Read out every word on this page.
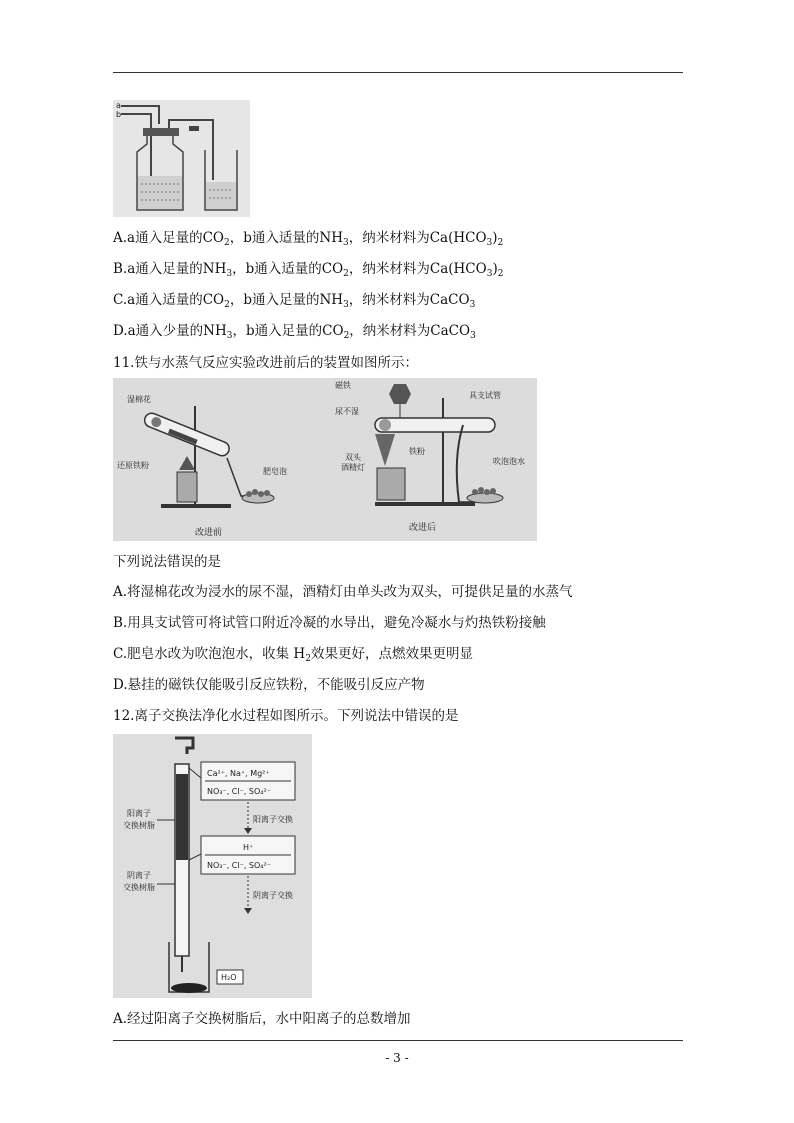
a
b
A.a通入足量的$CO_2$，b通入适量的$NH_3$，纳米材料为$Ca(HCO_3)_2$
B.a通入足量的$NH_3$，b通入适量的$CO_2$，纳米材料为$Ca(HCO_3)_2$
C.a通入适量的$CO_2$，b通入足量的$NH_3$，纳米材料为CaCO$_3$
D.a通入少量的$NH_3$，b通入足量的$CO_2$，纳米材料为CaCO$_3$
11.铁与水蒸气反应实验改进前后的装置如图所示：
湿棉花
还原铁粉
肥皂泡
改进前
磁铁
具支试管
尿不湿
铁粉
双头
酒精灯
吹泡泡水
改进后
下列说法错误的是
A.将湿棉花改为浸水的尿不湿，酒精灯由单头改为双头，可提供足量的水蒸气
B.用具支试管可将试管口附近冷凝的水导出，避免冷凝水与灼热铁粉接触
C.肥皂水改为吹泡泡水，收集 $H_2$效果更好，点燃效果更明显
D.悬挂的磁铁仅能吸引反应铁粉，不能吸引反应产物
12.离子交换法净化水过程如图所示。下列说法中错误的是
H₂O
阳离子
交换树脂
阴离子
交换树脂
Ca²⁺, Na⁺, Mg²⁺
NO₃⁻, Cl⁻, SO₄²⁻
阳离子交换
H⁺
NO₃⁻, Cl⁻, SO₄²⁻
阴离子交换
A.经过阳离子交换树脂后，水中阳离子的总数增加
- 3 -
